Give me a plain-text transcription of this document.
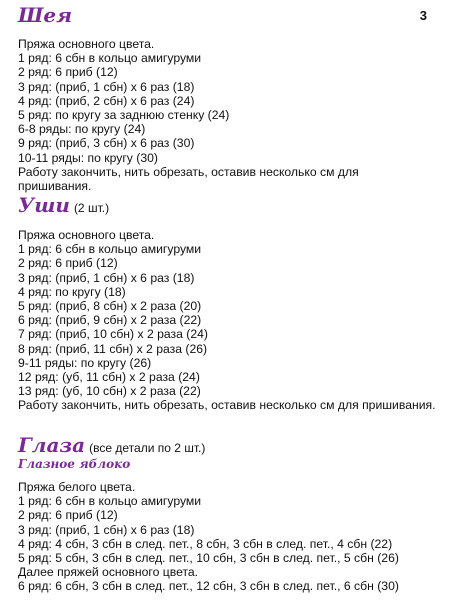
3
Шея
Пряжа основного цвета.
1 ряд: 6 сбн в кольцо амигуруми
2 ряд: 6 приб (12)
3 ряд: (приб, 1 сбн) х 6 раз (18)
4 ряд: (приб, 2 сбн) х 6 раз (24)
5 ряд: по кругу за заднюю стенку (24)
6-8 ряды: по кругу (24)
9 ряд: (приб, 3 сбн) х 6 раз (30)
10-11 ряды: по кругу (30)
Работу закончить, нить обрезать, оставив несколько см для пришивания.
Уши (2 шт.)
Пряжа основного цвета.
1 ряд: 6 сбн в кольцо амигуруми
2 ряд: 6 приб (12)
3 ряд: (приб, 1 сбн) х 6 раз (18)
4 ряд: по кругу (18)
5 ряд: (приб, 8 сбн) х 2 раза (20)
6 ряд: (приб, 9 сбн) х 2 раза (22)
7 ряд: (приб, 10 сбн) х 2 раза (24)
8 ряд: (приб, 11 сбн) х 2 раза (26)
9-11 ряды: по кругу (26)
12 ряд: (уб, 11 сбн) х 2 раза (24)
13 ряд: (уб, 10 сбн) х 2 раза (22)
Работу закончить, нить обрезать, оставив несколько см для пришивания.
Глаза (все детали по 2 шт.)
Глазное яблоко
Пряжа белого цвета.
1 ряд: 6 сбн в кольцо амигуруми
2 ряд: 6 приб (12)
3 ряд: (приб, 1 сбн) х 6 раз (18)
4 ряд: 4 сбн, 3 сбн в след. пет., 8 сбн, 3 сбн в след. пет., 4 сбн (22)
5 ряд: 5 сбн, 3 сбн в след. пет., 10 сбн, 3 сбн в след. пет., 5 сбн (26)
Далее пряжей основного цвета.
6 ряд: 6 сбн, 3 сбн в след. пет., 12 сбн, 3 сбн в след. пет., 6 сбн (30)
